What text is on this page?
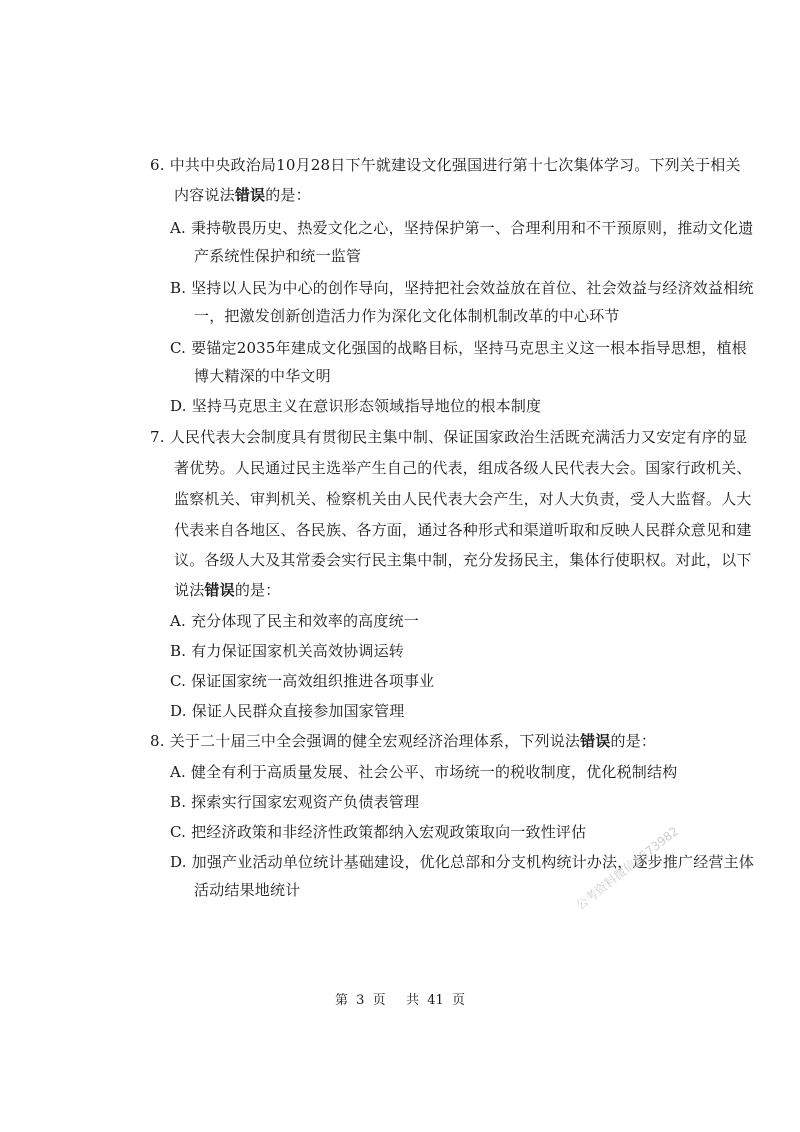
6. 中共中央政治局10月28日下午就建设文化强国进行第十七次集体学习。下列关于相关
内容说法错误的是：
A. 秉持敬畏历史、热爱文化之心，坚持保护第一、合理利用和不干预原则，推动文化遗
产系统性保护和统一监管
B. 坚持以人民为中心的创作导向，坚持把社会效益放在首位、社会效益与经济效益相统
一，把激发创新创造活力作为深化文化体制机制改革的中心环节
C. 要锚定2035年建成文化强国的战略目标，坚持马克思主义这一根本指导思想，植根
博大精深的中华文明
D. 坚持马克思主义在意识形态领域指导地位的根本制度
7. 人民代表大会制度具有贯彻民主集中制、保证国家政治生活既充满活力又安定有序的显
著优势。人民通过民主选举产生自己的代表，组成各级人民代表大会。国家行政机关、
监察机关、审判机关、检察机关由人民代表大会产生，对人大负责，受人大监督。人大
代表来自各地区、各民族、各方面，通过各种形式和渠道听取和反映人民群众意见和建
议。各级人大及其常委会实行民主集中制，充分发扬民主，集体行使职权。对此，以下
说法错误的是：
A. 充分体现了民主和效率的高度统一
B. 有力保证国家机关高效协调运转
C. 保证国家统一高效组织推进各项事业
D. 保证人民群众直接参加国家管理
8. 关于二十届三中全会强调的健全宏观经济治理体系，下列说法错误的是：
A. 健全有利于高质量发展、社会公平、市场统一的税收制度，优化税制结构
B. 探索实行国家宏观资产负债表管理
C. 把经济政策和非经济性政策都纳入宏观政策取向一致性评估
D. 加强产业活动单位统计基础建设，优化总部和分支机构统计办法，逐步推广经营主体
活动结果地统计	公考资料微信A573982
第 3 页 共 41 页
